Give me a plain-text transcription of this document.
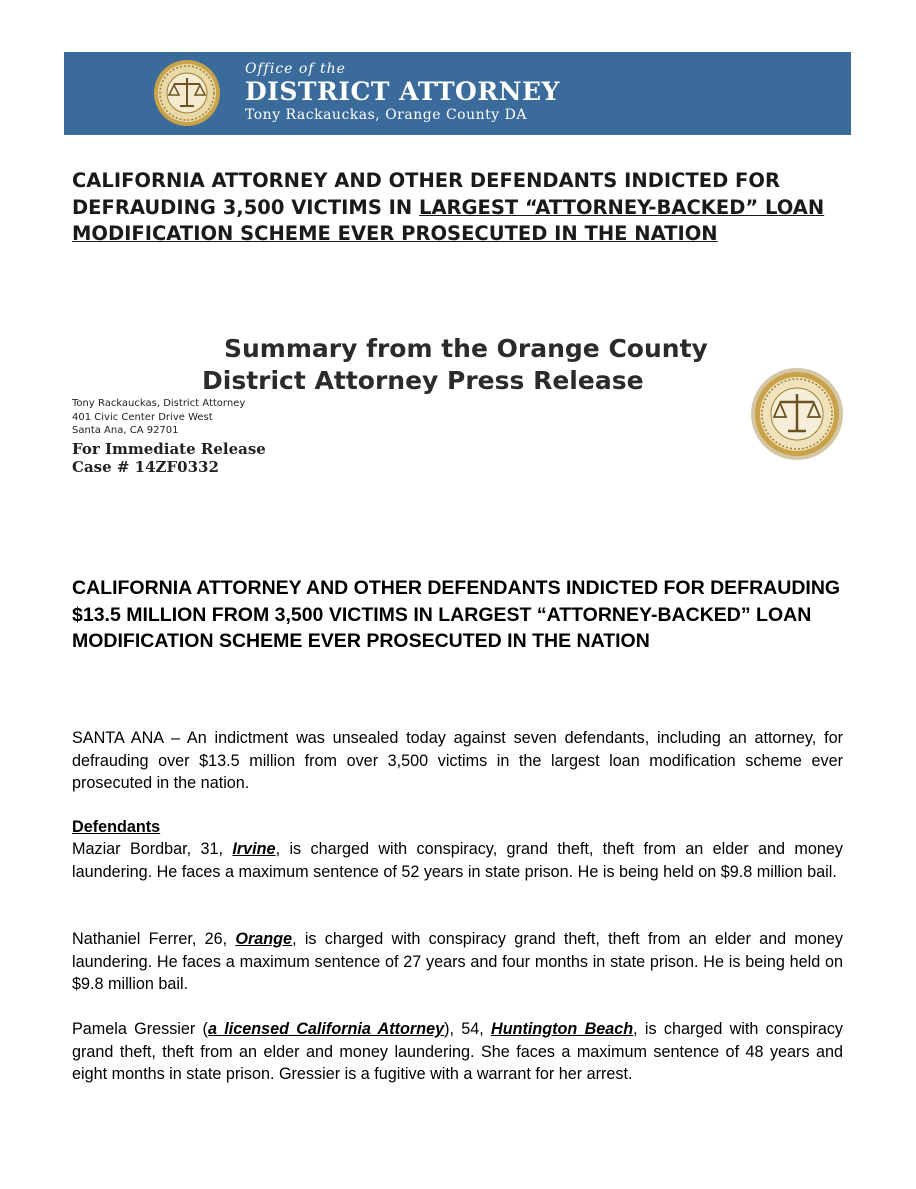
Office of the
DISTRICT ATTORNEY
Tony Rackauckas, Orange County DA
CALIFORNIA ATTORNEY AND OTHER DEFENDANTS INDICTED FOR DEFRAUDING 3,500 VICTIMS IN LARGEST “ATTORNEY-BACKED” LOAN MODIFICATION SCHEME EVER PROSECUTED IN THE NATION
Summary from the Orange County
District Attorney Press Release
Tony Rackauckas, District Attorney
401 Civic Center Drive West
Santa Ana, CA 92701
For Immediate Release
Case # 14ZF0332
CALIFORNIA ATTORNEY AND OTHER DEFENDANTS INDICTED FOR DEFRAUDING $13.5 MILLION FROM 3,500 VICTIMS IN LARGEST “ATTORNEY-BACKED” LOAN MODIFICATION SCHEME EVER PROSECUTED IN THE NATION

SANTA ANA – An indictment was unsealed today against seven defendants, including an attorney, for defrauding over $13.5 million from over 3,500 victims in the largest loan modification scheme ever prosecuted in the nation.

Defendants

Maziar Bordbar, 31, Irvine, is charged with conspiracy, grand theft, theft from an elder and money laundering. He faces a maximum sentence of 52 years in state prison. He is being held on $9.8 million bail.

Nathaniel Ferrer, 26, Orange, is charged with conspiracy grand theft, theft from an elder and money laundering. He faces a maximum sentence of 27 years and four months in state prison. He is being held on $9.8 million bail.

Pamela Gressier (a licensed California Attorney), 54, Huntington Beach, is charged with conspiracy grand theft, theft from an elder and money laundering. She faces a maximum sentence of 48 years and eight months in state prison. Gressier is a fugitive with a warrant for her arrest.
